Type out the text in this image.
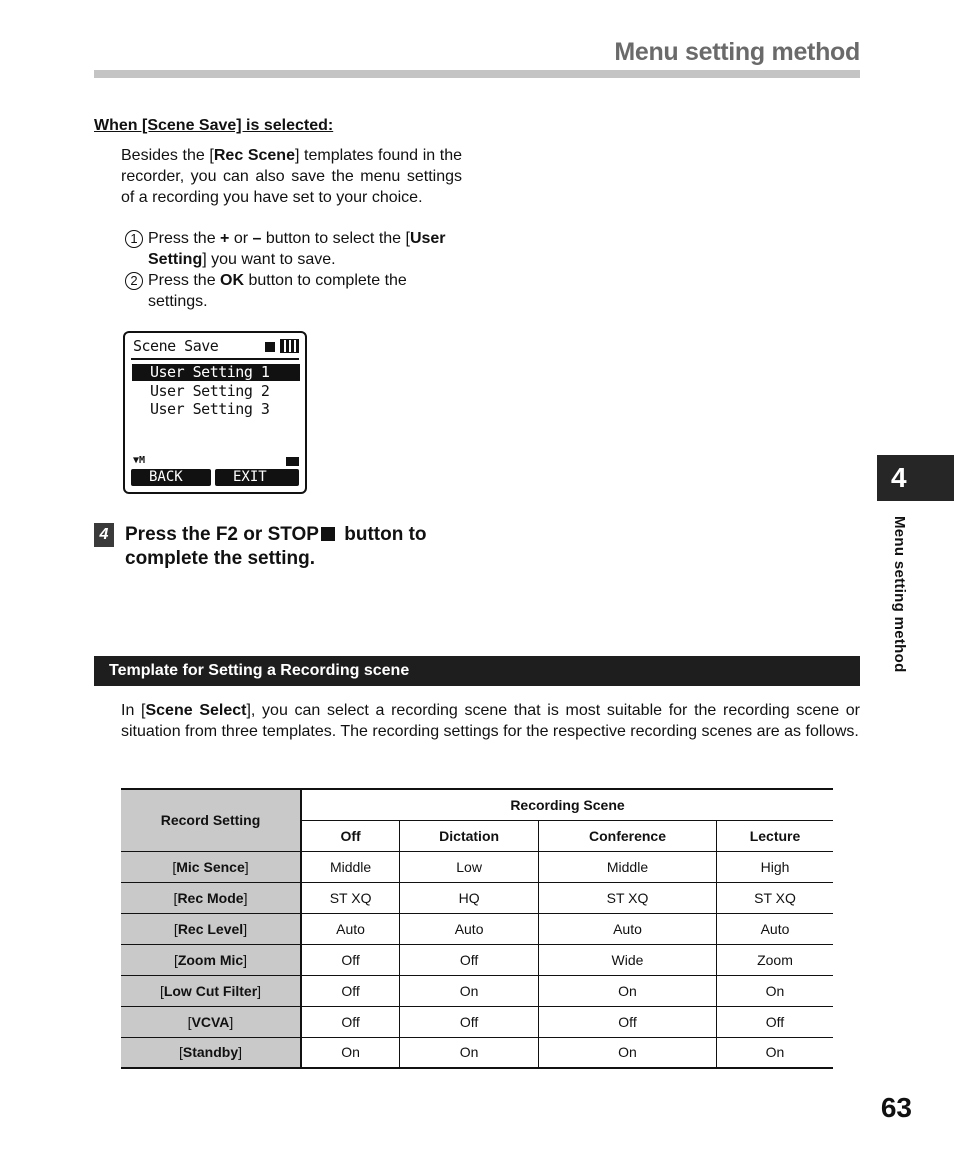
Menu setting method
When [Scene Save] is selected:

Besides the [Rec Scene] templates found in the recorder, you can also save the menu settings of a recording you have set to your choice.

1 Press the + or – button to select the [User Setting] you want to save.
2 Press the OK button to complete the settings.
Scene Save
User Setting 1
User Setting 2
User Setting 3
▼M
BACK	EXIT
4 Press the F2 or STOP button to complete the setting.
4
Menu setting method
Template for Setting a Recording scene

In [Scene Select], you can select a recording scene that is most suitable for the recording scene or situation from three templates. The recording settings for the respective recording scenes are as follows.

Record Setting	Recording Scene			
	Off	Dictation	Conference	Lecture
[Mic Sence]	Middle	Low	Middle	High
[Rec Mode]	ST XQ	HQ	ST XQ	ST XQ
[Rec Level]	Auto	Auto	Auto	Auto
[Zoom Mic]	Off	Off	Wide	Zoom
[Low Cut Filter]	Off	On	On	On
[VCVA]	Off	Off	Off	Off
[Standby]	On	On	On	On
63
